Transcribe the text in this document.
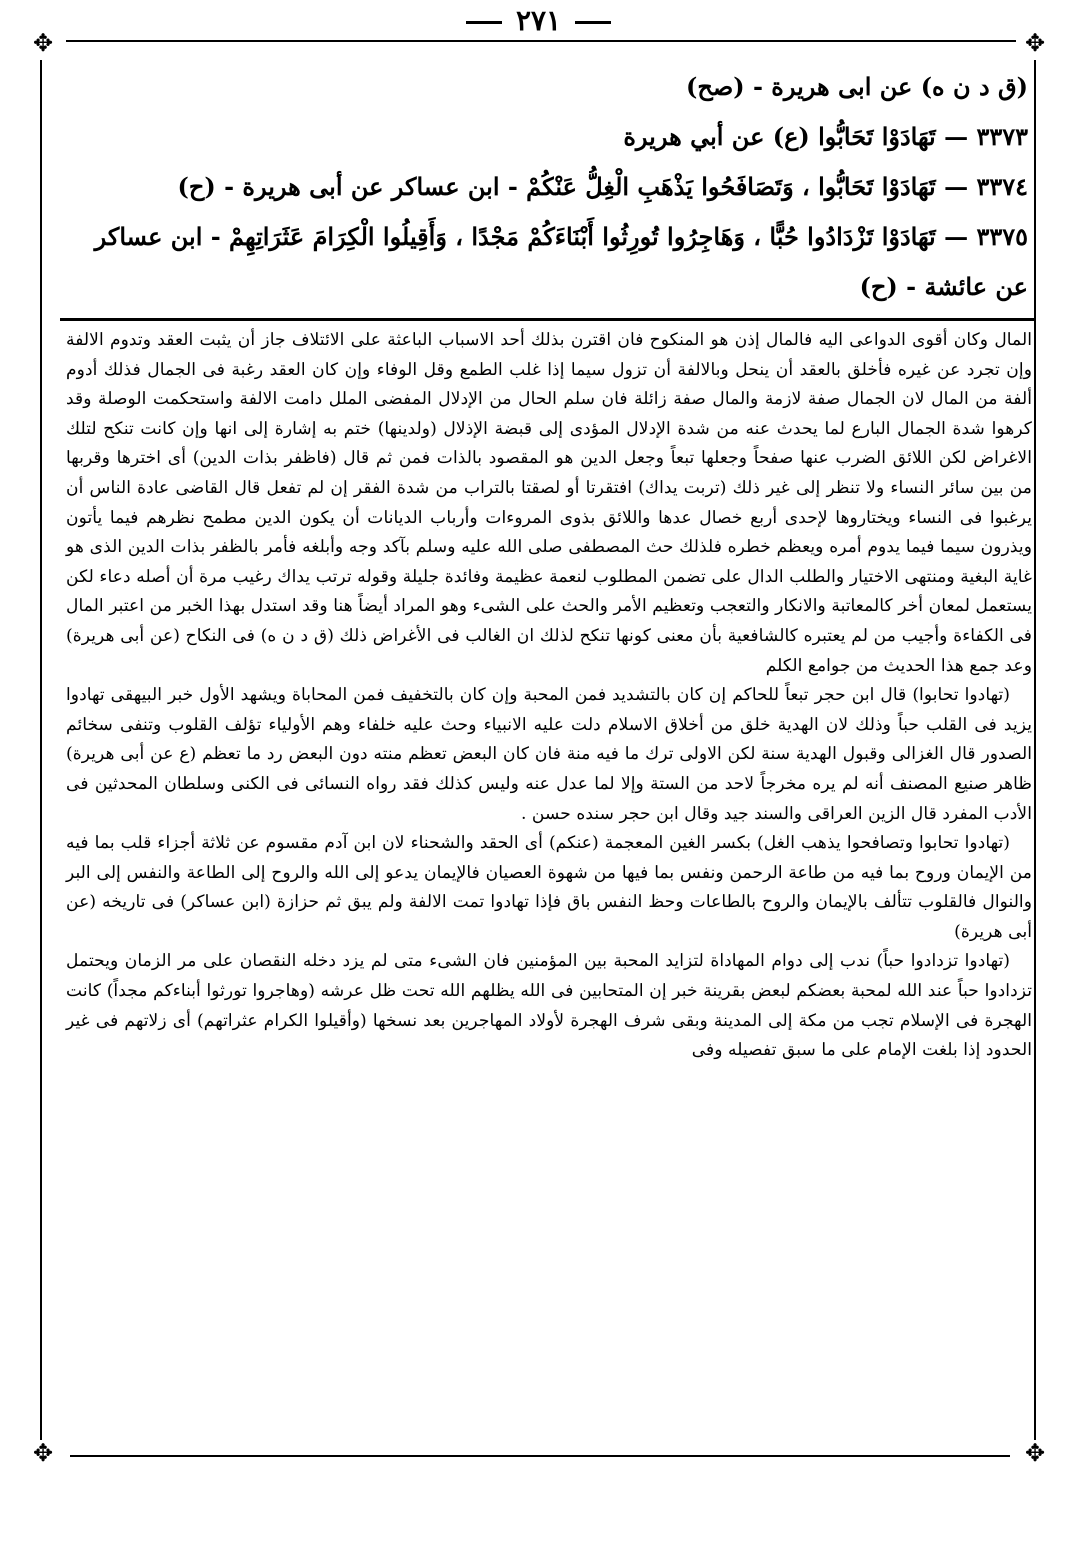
٢٧١
✥	✥
✥	✥

(ق د ن ه) عن ابى هريرة - (صح)

٣٣٧٣ — تَهَادَوْا تَحَابُّوا (ع) عن أبي هريرة

٣٣٧٤ — تَهَادَوْا تَحَابُّوا ، وَتَصَافَحُوا يَذْهَبِ الْغِلُّ عَنْكُمْ - ابن عساكر عن أبى هريرة - (ح)

٣٣٧٥ — تَهَادَوْا تَزْدَادُوا حُبًّا ، وَهَاجِرُوا تُورِثُوا أَبْنَاءَكُمْ مَجْدًا ، وَأَقِيلُوا الْكِرَامَ عَثَرَاتِهِمْ - ابن عساكر

عن عائشة - (ح)

المال وكان أقوى الدواعى اليه فالمال إذن هو المنكوح فان اقترن بذلك أحد الاسباب الباعثة على الائتلاف جاز أن يثبت العقد وتدوم الالفة وإن تجرد عن غيره فأخلق بالعقد أن ينحل وبالالفة أن تزول سيما إذا غلب الطمع وقل الوفاء وإن كان العقد رغبة فى الجمال فذلك أدوم ألفة من المال لان الجمال صفة لازمة والمال صفة زائلة فان سلم الحال من الإدلال المفضى الملل دامت الالفة واستحكمت الوصلة وقد كرهوا شدة الجمال البارع لما يحدث عنه من شدة الإدلال المؤدى إلى قبضة الإذلال (ولدينها) ختم به إشارة إلى انها وإن كانت تنكح لتلك الاغراض لكن اللائق الضرب عنها صفحاً وجعلها تبعاً وجعل الدين هو المقصود بالذات فمن ثم قال (فاظفر بذات الدين) أى اخترها وقربها من بين سائر النساء ولا تنظر إلى غير ذلك (تربت يداك) افتقرتا أو لصقتا بالتراب من شدة الفقر إن لم تفعل قال القاضى عادة الناس أن يرغبوا فى النساء ويختاروها لإحدى أربع خصال عدها واللائق بذوى المروءات وأرباب الديانات أن يكون الدين مطمح نظرهم فيما يأتون ويذرون سيما فيما يدوم أمره ويعظم خطره فلذلك حث المصطفى صلى الله عليه وسلم بآكد وجه وأبلغه فأمر بالظفر بذات الدين الذى هو غاية البغية ومنتهى الاختيار والطلب الدال على تضمن المطلوب لنعمة عظيمة وفائدة جليلة وقوله ترتب يداك رغيب مرة أن أصله دعاء لكن يستعمل لمعان أخر كالمعاتبة والانكار والتعجب وتعظيم الأمر والحث على الشىء وهو المراد أيضاً هنا وقد استدل بهذا الخبر من اعتبر المال فى الكفاءة وأجيب من لم يعتبره كالشافعية بأن معنى كونها تنكح لذلك ان الغالب فى الأغراض ذلك (ق د ن ه) فى النكاح (عن أبى هريرة) وعد جمع هذا الحديث من جوامع الكلم

(تهادوا تحابوا) قال ابن حجر تبعاً للحاكم إن كان بالتشديد فمن المحبة وإن كان بالتخفيف فمن المحاباة ويشهد الأول خبر البيهقى تهادوا يزيد فى القلب حباً وذلك لان الهدية خلق من أخلاق الاسلام دلت عليه الانبياء وحث عليه خلفاء وهم الأولياء تؤلف القلوب وتنفى سخائم الصدور قال الغزالى وقبول الهدية سنة لكن الاولى ترك ما فيه منة فان كان البعض تعظم منته دون البعض رد ما تعظم (ع عن أبى هريرة) ظاهر صنيع المصنف أنه لم يره مخرجاً لاحد من الستة وإلا لما عدل عنه وليس كذلك فقد رواه النسائى فى الكنى وسلطان المحدثين فى الأدب المفرد قال الزين العراقى والسند جيد وقال ابن حجر سنده حسن .

(تهادوا تحابوا وتصافحوا يذهب الغل) بكسر الغين المعجمة (عنكم) أى الحقد والشحناء لان ابن آدم مقسوم عن ثلاثة أجزاء قلب بما فيه من الإيمان وروح بما فيه من طاعة الرحمن ونفس بما فيها من شهوة العصيان فالإيمان يدعو إلى الله والروح إلى الطاعة والنفس إلى البر والنوال فالقلوب تتألف بالإيمان والروح بالطاعات وحظ النفس باق فإذا تهادوا تمت الالفة ولم يبق ثم حزازة (ابن عساكر) فى تاريخه (عن أبى هريرة)

(تهادوا تزدادوا حباً) ندب إلى دوام المهاداة لتزايد المحبة بين المؤمنين فان الشىء متى لم يزد دخله النقصان على مر الزمان ويحتمل تزدادوا حباً عند الله لمحبة بعضكم لبعض بقرينة خبر إن المتحابين فى الله يظلهم الله تحت ظل عرشه (وهاجروا تورثوا أبناءكم مجداً) كانت الهجرة فى الإسلام تجب من مكة إلى المدينة وبقى شرف الهجرة لأولاد المهاجرين بعد نسخها (وأقيلوا الكرام عثراتهم) أى زلاتهم فى غير الحدود إذا بلغت الإمام على ما سبق تفصيله وفى
